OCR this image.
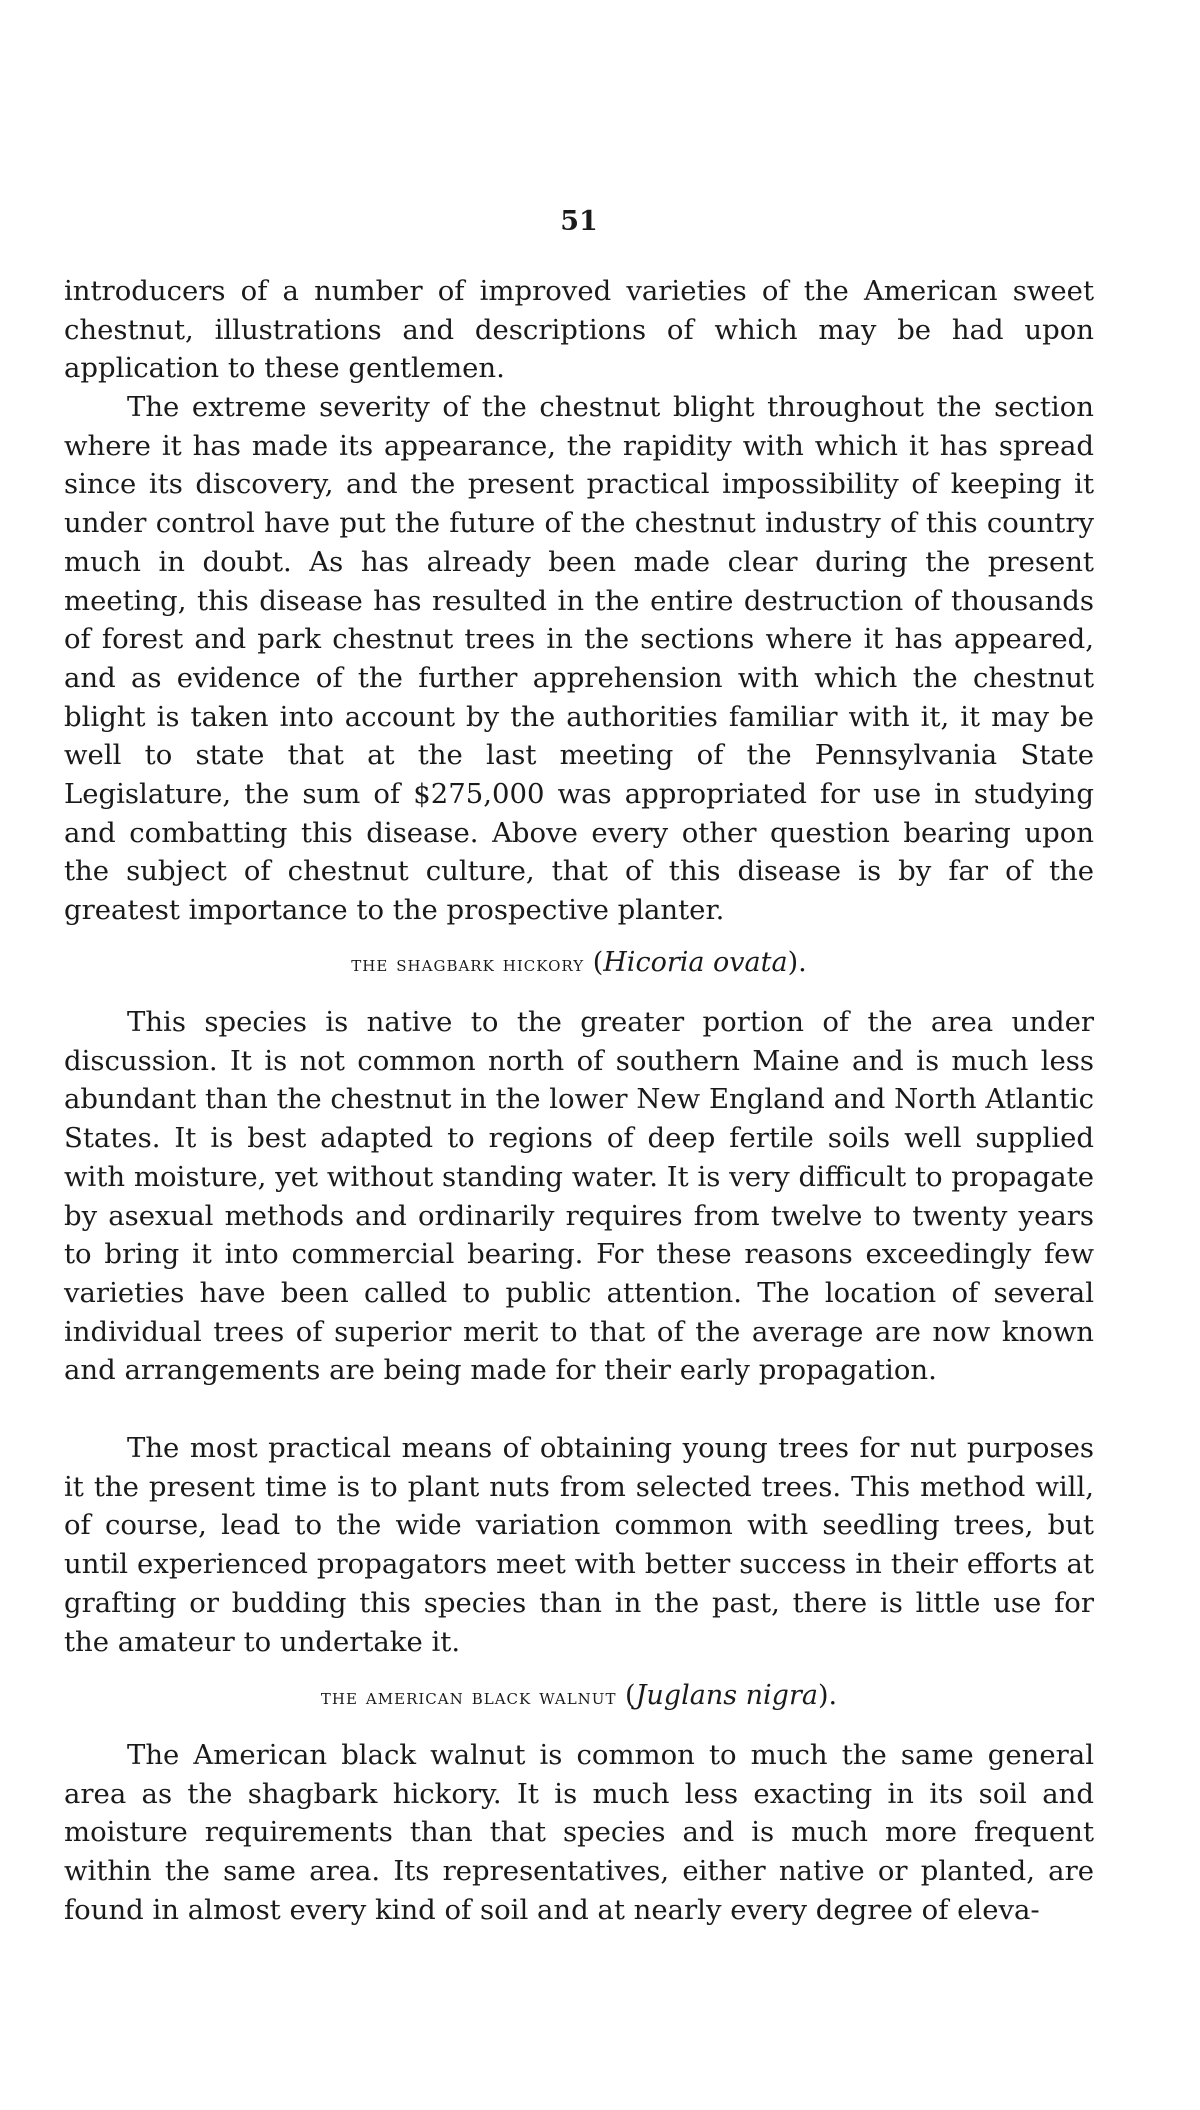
51

introducers of a number of improved varieties of the American sweet chestnut, illustrations and descriptions of which may be had upon application to these gentlemen.

The extreme severity of the chestnut blight throughout the section where it has made its appearance, the rapidity with which it has spread since its discovery, and the present practical impossibility of keeping it under control have put the future of the chestnut industry of this country much in doubt. As has already been made clear during the present meeting, this disease has resulted in the entire destruction of thousands of forest and park chestnut trees in the sections where it has appeared, and as evidence of the further apprehension with which the chestnut blight is taken into account by the authorities familiar with it, it may be well to state that at the last meeting of the Pennsylvania State Legislature, the sum of $275,000 was appropriated for use in studying and combatting this disease. Above every other question bearing upon the subject of chestnut culture, that of this disease is by far of the greatest importance to the prospective planter.

the shagbark hickory (Hicoria ovata).

This species is native to the greater portion of the area under discussion. It is not common north of southern Maine and is much less abundant than the chestnut in the lower New England and North Atlantic States. It is best adapted to regions of deep fertile soils well supplied with moisture, yet without standing water. It is very difficult to propagate by asexual methods and ordinarily requires from twelve to twenty years to bring it into commercial bearing. For these reasons exceedingly few varieties have been called to public attention. The location of several individual trees of superior merit to that of the average are now known and arrangements are being made for their early propagation.

The most practical means of obtaining young trees for nut purposes it the present time is to plant nuts from selected trees. This method will, of course, lead to the wide variation common with seedling trees, but until experienced propagators meet with better success in their efforts at grafting or budding this species than in the past, there is little use for the amateur to undertake it.

the american black walnut (Juglans nigra).

The American black walnut is common to much the same general area as the shagbark hickory. It is much less exacting in its soil and moisture requirements than that species and is much more frequent within the same area. Its representatives, either native or planted, are found in almost every kind of soil and at nearly every degree of eleva-
